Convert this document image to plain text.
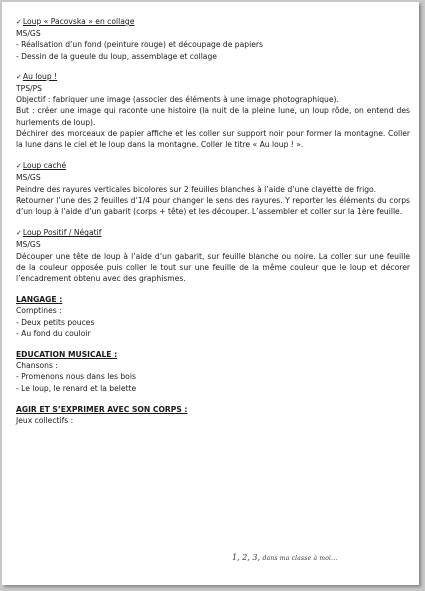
✓Loup « Pacovska » en collage

MS/GS

- Réalisation d’un fond (peinture rouge) et découpage de papiers

- Dessin de la gueule du loup, assemblage et collage

✓Au loup !

TPS/PS

Objectif : fabriquer une image (associer des éléments à une image photographique).

But : créer une image qui raconte une histoire (la nuit de la pleine lune, un loup rôde, on entend des hurlements de loup).

Déchirer des morceaux de papier affiche et les coller sur support noir pour former la montagne. Coller la lune dans le ciel et le loup dans la montagne. Coller le titre « Au loup ! ».

✓Loup caché

MS/GS

Peindre des rayures verticales bicolores sur 2 feuilles blanches à l’aide d’une clayette de frigo.

Retourner l’une des 2 feuilles d’1/4 pour changer le sens des rayures. Y reporter les éléments du corps d’un loup à l’aide d’un gabarit (corps + tête) et les découper. L’assembler et coller sur la 1ère feuille.

✓Loup Positif / Négatif

MS/GS

Découper une tête de loup à l’aide d’un gabarit, sur feuille blanche ou noire. La coller sur une feuille de la couleur opposée puis coller le tout sur une feuille de la même couleur que le loup et décorer l’encadrement obtenu avec des graphismes.

LANGAGE :

Comptines :

- Deux petits pouces

- Au fond du couloir

EDUCATION MUSICALE :

Chansons :

- Promenons nous dans les bois

- Le loup, le renard et la belette

AGIR ET S’EXPRIMER AVEC SON CORPS :

Jeux collectifs :

1, 2, 3, dans ma classe à moi...
